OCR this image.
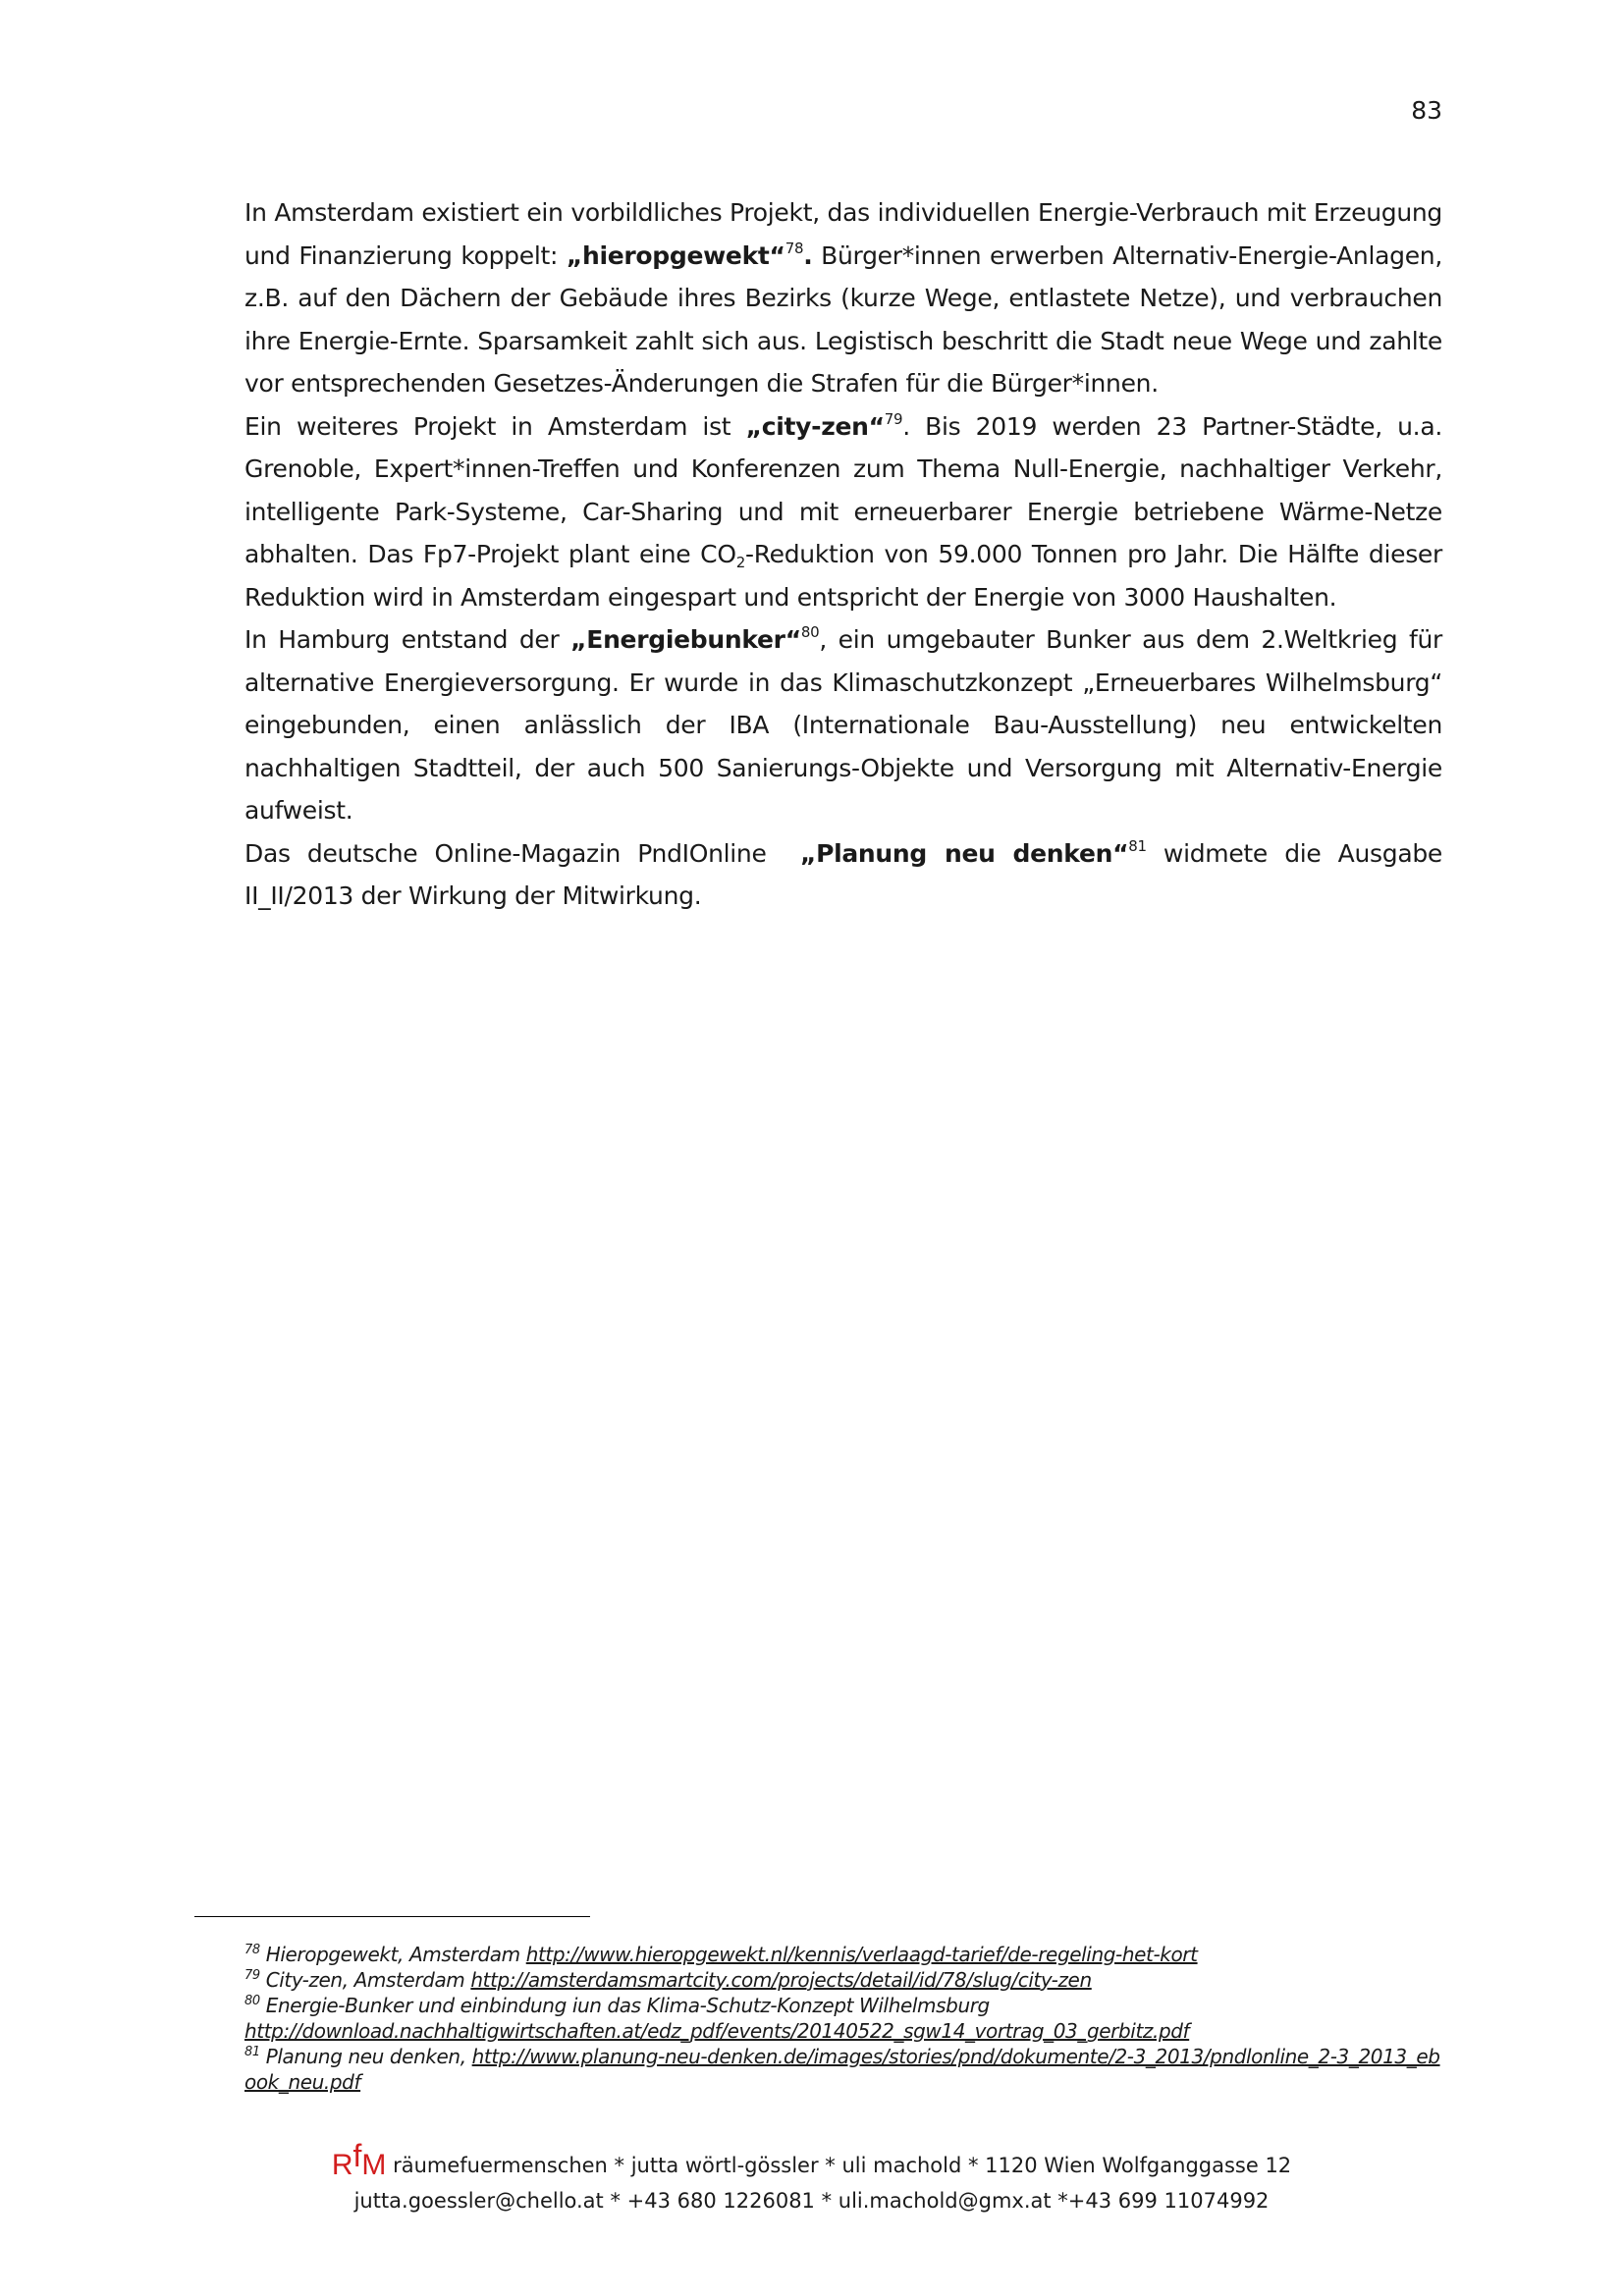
83

In Amsterdam existiert ein vorbildliches Projekt, das individuellen Energie-Verbrauch mit Erzeugung und Finanzierung koppelt: „hieropgewekt“$^{78}$. Bürger*innen erwerben Alternativ-Energie-Anlagen, z.B. auf den Dächern der Gebäude ihres Bezirks (kurze Wege, entlastete Netze), und verbrauchen ihre Energie-Ernte. Sparsamkeit zahlt sich aus. Legistisch beschritt die Stadt neue Wege und zahlte vor entsprechenden Gesetzes-Änderungen die Strafen für die Bürger*innen.

Ein weiteres Projekt in Amsterdam ist „city-zen“$^{79}$. Bis 2019 werden 23 Partner-Städte, u.a. Grenoble, Expert*innen-Treffen und Konferenzen zum Thema Null-Energie, nachhaltiger Verkehr, intelligente Park-Systeme, Car-Sharing und mit erneuerbarer Energie betriebene Wärme-Netze abhalten. Das Fp7-Projekt plant eine $CO_2$-Reduktion von 59.000 Tonnen pro Jahr. Die Hälfte dieser Reduktion wird in Amsterdam eingespart und entspricht der Energie von 3000 Haushalten.

In Hamburg entstand der „Energiebunker“$^{80}$, ein umgebauter Bunker aus dem 2.Weltkrieg für alternative Energieversorgung. Er wurde in das Klimaschutzkonzept „Erneuerbares Wilhelmsburg“ eingebunden, einen anlässlich der IBA (Internationale Bau-Ausstellung) neu entwickelten nachhaltigen Stadtteil, der auch 500 Sanierungs-Objekte und Versorgung mit Alternativ-Energie aufweist.

Das deutsche Online-Magazin PndIOnline  „Planung neu denken“$^{81}$ widmete die Ausgabe II_II/2013 der Wirkung der Mitwirkung.

$^{78}$ Hieropgewekt, Amsterdam http://www.hieropgewekt.nl/kennis/verlaagd-tarief/de-regeling-het-kort

$^{79}$ City-zen, Amsterdam http://amsterdamsmartcity.com/projects/detail/id/78/slug/city-zen

$^{80}$ Energie-Bunker und einbindung iun das Klima-Schutz-Konzept Wilhelmsburg
http://download.nachhaltigwirtschaften.at/edz_pdf/events/20140522_sgw14_vortrag_03_gerbitz.pdf

$^{81}$ Planung neu denken, http://www.planung-neu-denken.de/images/stories/pnd/dokumente/2-3_2013/pndlonline_2-3_2013_ebook_neu.pdf

RfM räumefuermenschen * jutta wörtl-gössler * uli machold * 1120 Wien Wolfganggasse 12
jutta.goessler@chello.at * +43 680 1226081 * uli.machold@gmx.at *+43 699 11074992
